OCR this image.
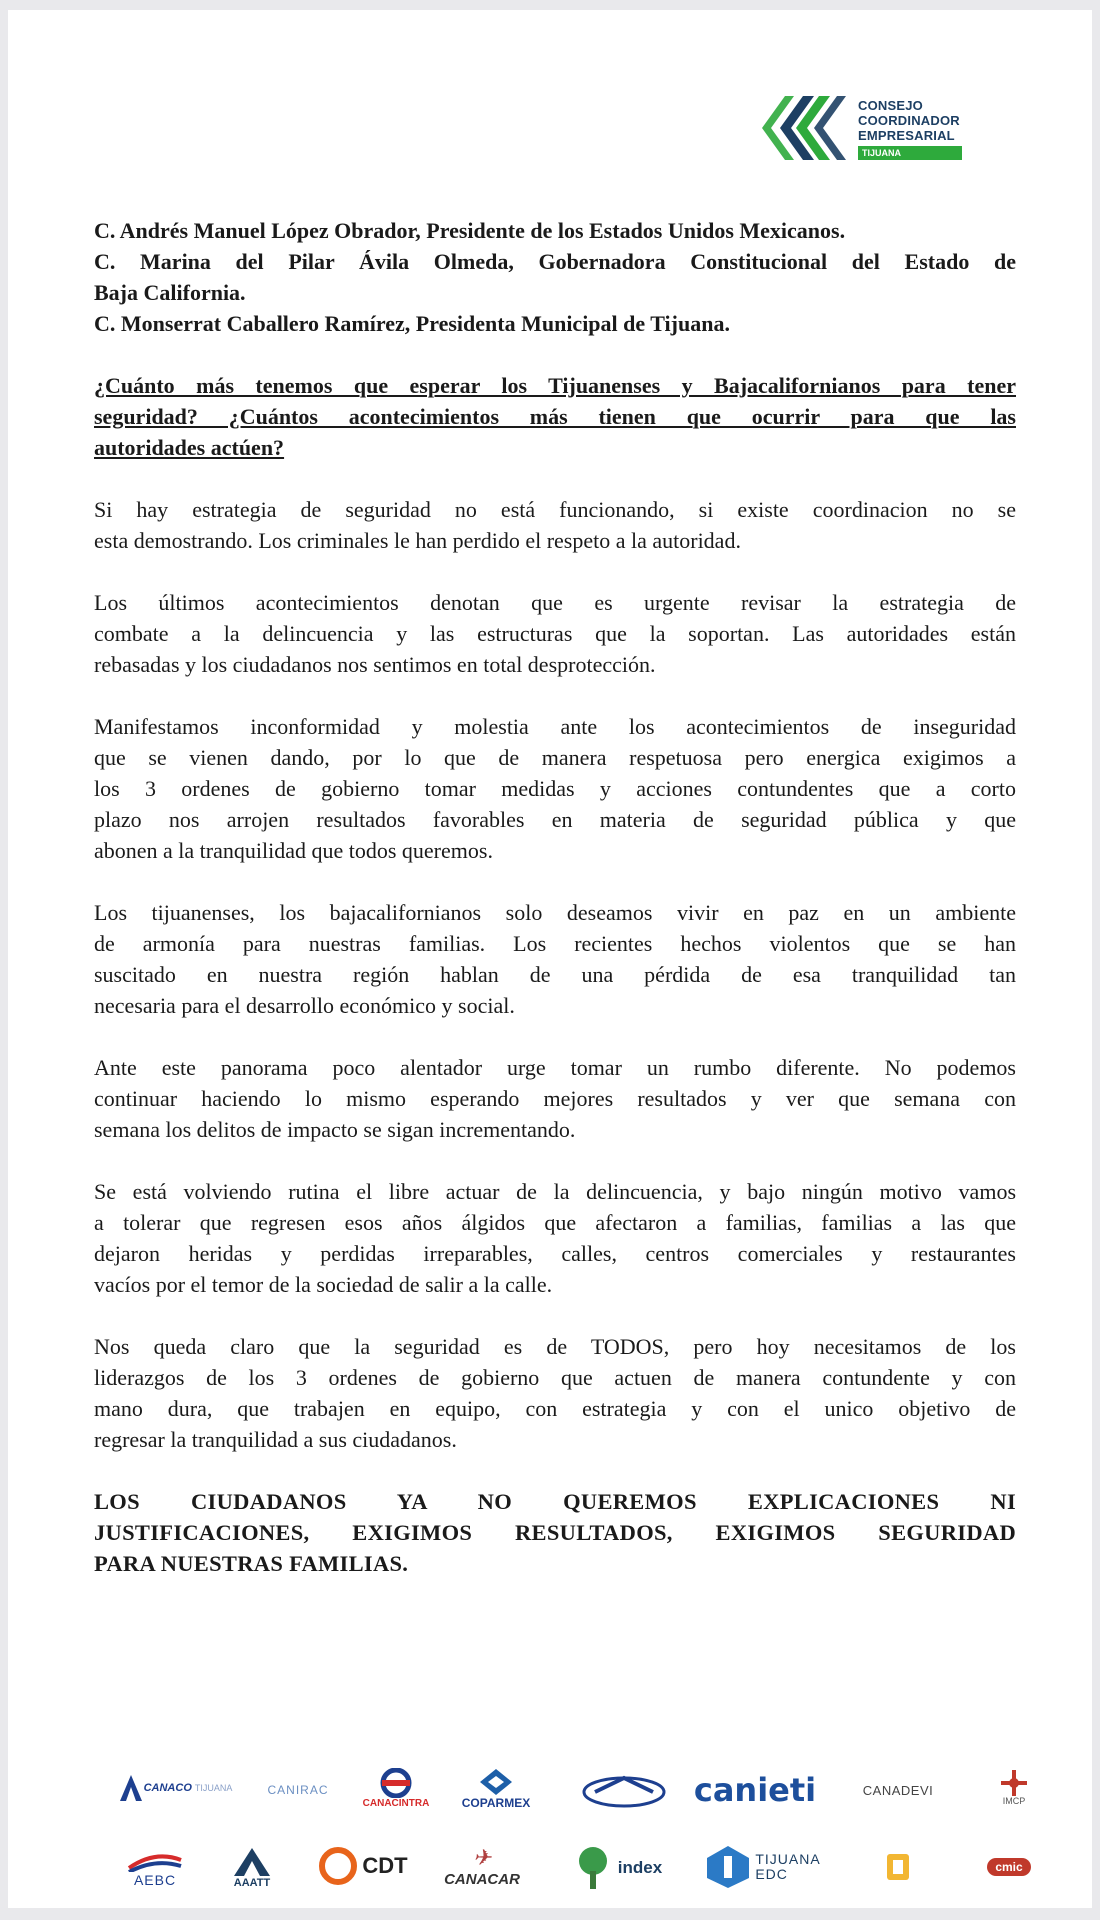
CONSEJO
COORDINADOR
EMPRESARIAL
TIJUANA
C. Andrés Manuel López Obrador, Presidente de los Estados Unidos Mexicanos.
C. Marina del Pilar Ávila Olmeda, Gobernadora Constitucional del Estado de
Baja California.
C. Monserrat Caballero Ramírez, Presidenta Municipal de Tijuana.
¿Cuánto más tenemos que esperar los Tijuanenses y Bajacalifornianos para tener
seguridad? ¿Cuántos acontecimientos más tienen que ocurrir para que las
autoridades actúen?
Si hay estrategia de seguridad no está funcionando, si existe coordinacion no se
esta demostrando. Los criminales le han perdido el respeto a la autoridad.
Los últimos acontecimientos denotan que es urgente revisar la estrategia de
combate a la delincuencia y las estructuras que la soportan. Las autoridades están
rebasadas y los ciudadanos nos sentimos en total desprotección.
Manifestamos inconformidad y molestia ante los acontecimientos de inseguridad
que se vienen dando, por lo que de manera respetuosa pero energica exigimos a
los 3 ordenes de gobierno tomar medidas y acciones contundentes que a corto
plazo nos arrojen resultados favorables en materia de seguridad pública y que
abonen a la tranquilidad que todos queremos.
Los tijuanenses, los bajacalifornianos solo deseamos vivir en paz en un ambiente
de armonía para nuestras familias. Los recientes hechos violentos que se han
suscitado en nuestra región hablan de una pérdida de esa tranquilidad tan
necesaria para el desarrollo económico y social.
Ante este panorama poco alentador urge tomar un rumbo diferente. No podemos
continuar haciendo lo mismo esperando mejores resultados y ver que semana con
semana los delitos de impacto se sigan incrementando.
Se está volviendo rutina el libre actuar de la delincuencia, y bajo ningún motivo vamos
a tolerar que regresen esos años álgidos que afectaron a familias, familias a las que
dejaron heridas y perdidas irreparables, calles, centros comerciales y restaurantes
vacíos por el temor de la sociedad de salir a la calle.
Nos queda claro que la seguridad es de TODOS, pero hoy necesitamos de los
liderazgos de los 3 ordenes de gobierno que actuen de manera contundente y con
mano dura, que trabajen en equipo, con estrategia y con el unico objetivo de
regresar la tranquilidad a sus ciudadanos.
LOS CIUDADANOS YA NO QUEREMOS EXPLICACIONES NI
JUSTIFICACIONES, EXIGIMOS RESULTADOS, EXIGIMOS SEGURIDAD
PARA NUESTRAS FAMILIAS.
CANACO TIJUANA	CANIRAC
CANACINTRA	COPARMEX	canieti	CANADEVI
IMCP
AEBC	AAATT
CDT	✈
CANACAR
index	TIJUANA
EDC	cmic
